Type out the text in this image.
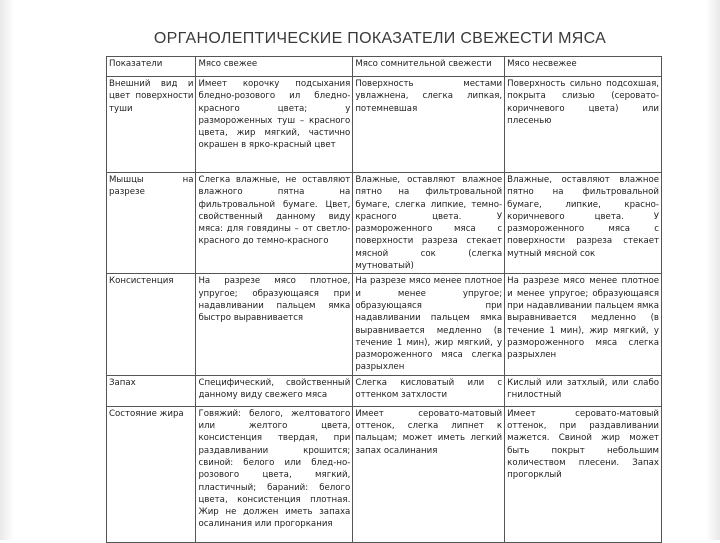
ОРГАНОЛЕПТИЧЕСКИЕ ПОКАЗАТЕЛИ СВЕЖЕСТИ МЯСА
Показатели	Мясо свежее	Мясо сомнительной свежести	Мясо несвежее
Внешний вид и цвет поверхности туши	Имеет корочку подсыхания бледно-розового ил бледно-красного цвета; у размороженных туш – красного цвета, жир мягкий, частично окрашен в ярко-красный цвет	Поверхность местами увлажнена, слегка липкая, потемневшая	Поверхность сильно подсохшая, покрыта слизью (серовато-коричневого цвета) или плесенью
Мышцы на разрезе	Слегка влажные, не оставляют влажного пятна на фильтровальной бумаге. Цвет, свойственный данному виду мяса: для говядины – от светло-красного до темно-красного	Влажные, оставляют влажное пятно на фильтровальной бумаге, слегка липкие, темно-красного цвета. У размороженного мяса с поверхности разреза стекает мясной сок (слегка мутноватый)	Влажные, оставляют влажное пятно на фильтровальной бумаге, липкие, красно-коричневого цвета. У размороженного мяса с поверхности разреза стекает мутный мясной сок
Консистенция	На разрезе мясо плотное, упругое; образующаяся при надавливании пальцем ямка быстро выравнивается	На разрезе мясо менее плотное и менее упругое; образующаяся при надавливании пальцем ямка выравнивается медленно (в течение 1 мин), жир мягкий, у размороженного мяса слегка разрыхлен	На разрезе мясо менее плотное и менее упругое; образующаяся при надавливании пальцем ямка выравнивается медленно (в течение 1 мин), жир мягкий, у размороженного мяса слегка разрыхлен
Запах	Специфический, свойственный данному виду свежего мяса	Слегка кисловатый или с оттенком затхлости	Кислый или затхлый, или слабо гнилостный
Состояние жира	Говяжий: белого, желтоватого или желтого цвета, консистенция твердая, при раздавливании крошится; свиной: белого или блед-но-розового цвета, мягкий, пластичный; бараний: белого цвета, консистенция плотная. Жир не должен иметь запаха осалинания или прогоркания	Имеет серовато-матовый оттенок, слегка липнет к пальцам; может иметь легкий запах осалинания	Имеет серовато-матовый оттенок, при раздавливании мажется. Свиной жир может быть покрыт небольшим количеством плесени. Запах прогорклый
